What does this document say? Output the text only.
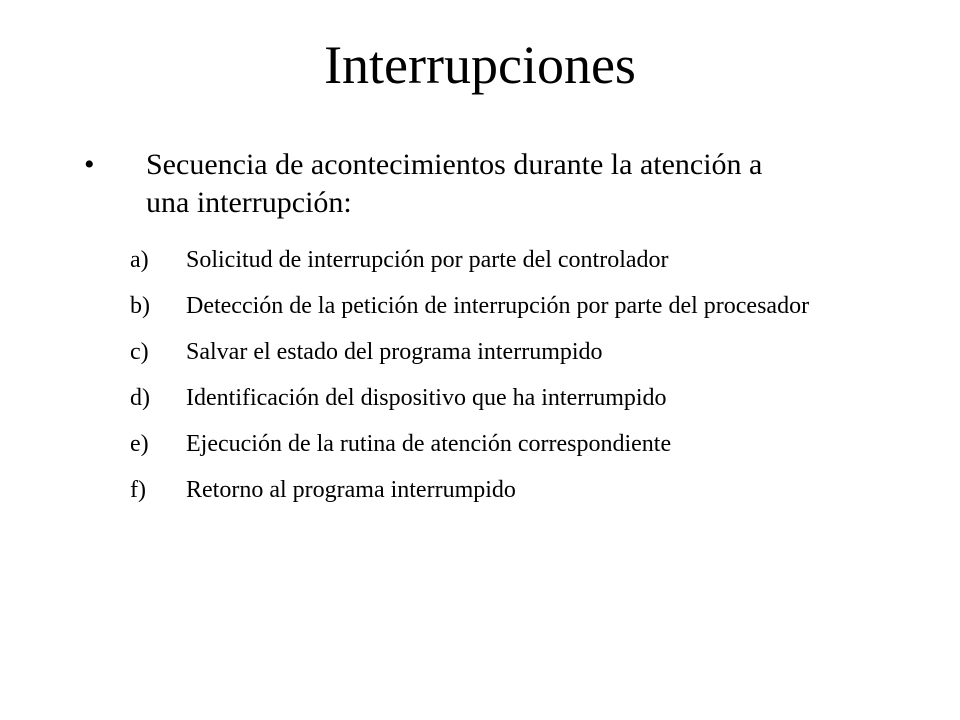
Interrupciones
• Secuencia de acontecimientos durante la atención a una interrupción:

a) Solicitud de interrupción por parte del controlador
b) Detección de la petición de interrupción por parte del procesador
c) Salvar el estado del programa interrumpido
d) Identificación del dispositivo que ha interrumpido
e) Ejecución de la rutina de atención correspondiente
f) Retorno al programa interrumpido
